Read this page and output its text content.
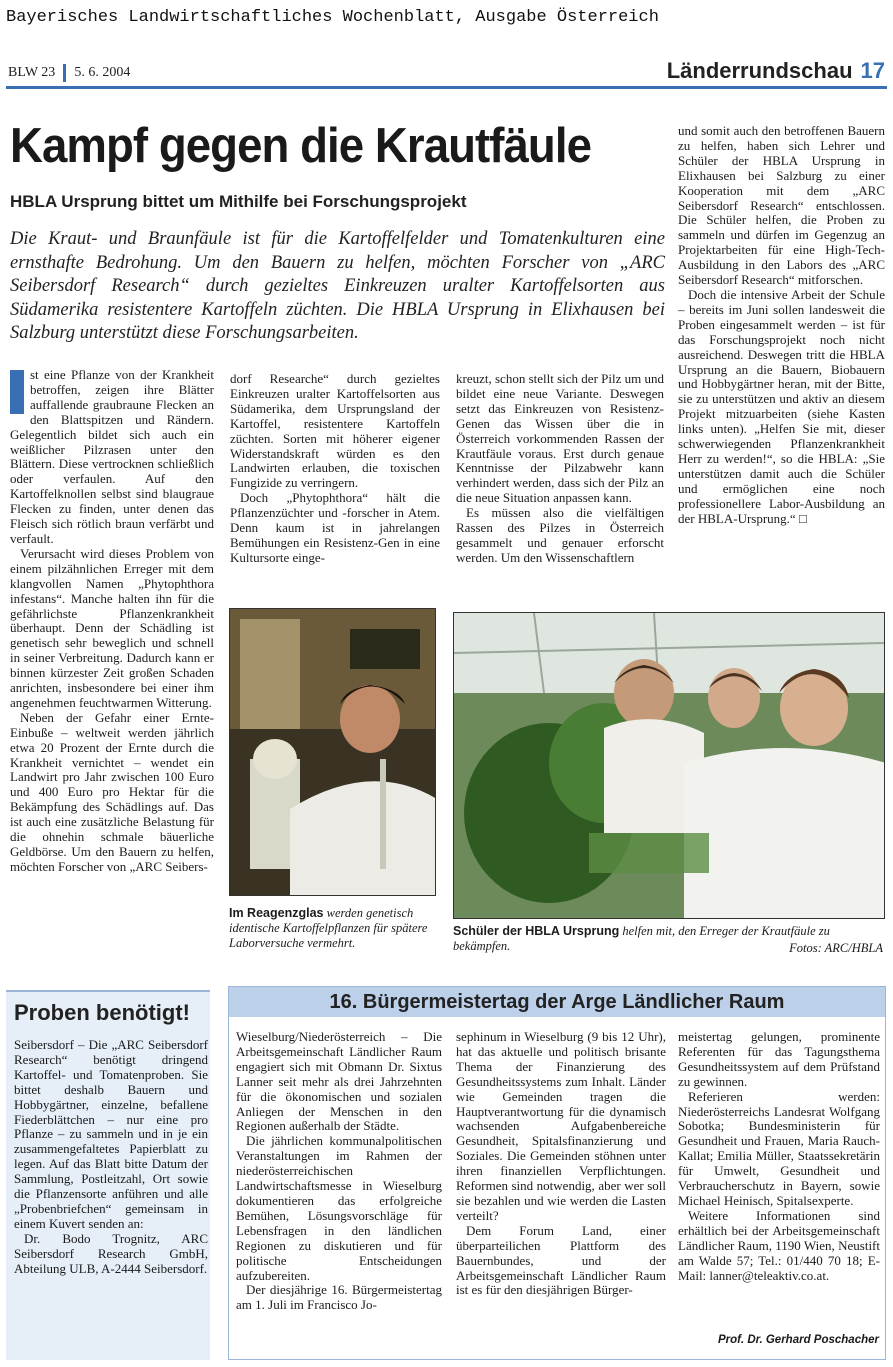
Bayerisches Landwirtschaftliches Wochenblatt, Ausgabe Österreich
BLW 23 5. 6. 2004	Länderrundschau 17
Kampf gegen die Krautfäule
HBLA Ursprung bittet um Mithilfe bei Forschungsprojekt
Die Kraut- und Braunfäule ist für die Kartoffelfelder und Tomatenkulturen eine ernsthafte Bedrohung. Um den Bauern zu helfen, möchten Forscher von „ARC Seibersdorf Research“ durch gezieltes Einkreuzen uralter Kartoffelsorten aus Südamerika resistentere Kartoffeln züchten. Die HBLA Ursprung in Elixhausen bei Salzburg unterstützt diese Forschungsarbeiten.

st eine Pflanze von der Krankheit betroffen, zeigen ihre Blätter auffallende graubraune Flecken an den Blattspitzen und Rändern. Gelegentlich bildet sich auch ein weißlicher Pilzrasen unter den Blättern. Diese vertrocknen schließlich oder verfaulen. Auf den Kartoffelknollen selbst sind blaugraue Flecken zu finden, unter denen das Fleisch sich rötlich braun verfärbt und verfault.

Verursacht wird dieses Problem von einem pilzähnlichen Erreger mit dem klangvollen Namen „Phytophthora infestans“. Manche halten ihn für die gefährlichste Pflanzenkrankheit überhaupt. Denn der Schädling ist genetisch sehr beweglich und schnell in seiner Verbreitung. Dadurch kann er binnen kürzester Zeit großen Schaden anrichten, insbesondere bei einer ihm angenehmen feuchtwarmen Witterung.

Neben der Gefahr einer Ernte-Einbuße – weltweit werden jährlich etwa 20 Prozent der Ernte durch die Krankheit vernichtet – wendet ein Landwirt pro Jahr zwischen 100 Euro und 400 Euro pro Hektar für die Bekämpfung des Schädlings auf. Das ist auch eine zusätzliche Belastung für die ohnehin schmale bäuerliche Geldbörse. Um den Bauern zu helfen, möchten Forscher von „ARC Seibers-

dorf Researche“ durch gezieltes Einkreuzen uralter Kartoffelsorten aus Südamerika, dem Ursprungsland der Kartoffel, resistentere Kartoffeln züchten. Sorten mit höherer eigener Widerstandskraft würden es den Landwirten erlauben, die toxischen Fungizide zu verringern.

Doch „Phytophthora“ hält die Pflanzenzüchter und -forscher in Atem. Denn kaum ist in jahrelangen Bemühungen ein Resistenz-Gen in eine Kultursorte einge-

kreuzt, schon stellt sich der Pilz um und bildet eine neue Variante. Deswegen setzt das Einkreuzen von Resistenz-Genen das Wissen über die in Österreich vorkommenden Rassen der Krautfäule voraus. Erst durch genaue Kenntnisse der Pilzabwehr kann verhindert werden, dass sich der Pilz an die neue Situation anpassen kann.

Es müssen also die vielfältigen Rassen des Pilzes in Österreich gesammelt und genauer erforscht werden. Um den Wissenschaftlern

und somit auch den betroffenen Bauern zu helfen, haben sich Lehrer und Schüler der HBLA Ursprung in Elixhausen bei Salzburg zu einer Kooperation mit dem „ARC Seibersdorf Research“ entschlossen. Die Schüler helfen, die Proben zu sammeln und dürfen im Gegenzug an Projektarbeiten für eine High-Tech-Ausbildung in den Labors des „ARC Seibersdorf Research“ mitforschen.

Doch die intensive Arbeit der Schule – bereits im Juni sollen landesweit die Proben eingesammelt werden – ist für das Forschungsprojekt noch nicht ausreichend. Deswegen tritt die HBLA Ursprung an die Bauern, Biobauern und Hobbygärtner heran, mit der Bitte, sie zu unterstützen und aktiv an diesem Projekt mitzuarbeiten (siehe Kasten links unten). „Helfen Sie mit, dieser schwerwiegenden Pflanzenkrankheit Herr zu werden!“, so die HBLA: „Sie unterstützen damit auch die Schüler und ermöglichen eine noch professionellere Labor-Ausbildung an der HBLA-Ursprung.“ □

Im Reagenzglas werden genetisch identische Kartoffelpflanzen für spätere Laborversuche vermehrt.
Schüler der HBLA Ursprung helfen mit, den Erreger der Krautfäule zu bekämpfen.	Fotos: ARC/HBLA
Proben benötigt!

Seibersdorf – Die „ARC Seibersdorf Research“ benötigt dringend Kartoffel- und Tomatenproben. Sie bittet deshalb Bauern und Hobbygärtner, einzelne, befallene Fiederblättchen – nur eine pro Pflanze – zu sammeln und in je ein zusammengefaltetes Papierblatt zu legen. Auf das Blatt bitte Datum der Sammlung, Postleitzahl, Ort sowie die Pflanzensorte anführen und alle „Probenbriefchen“ gemeinsam in einem Kuvert senden an:

Dr. Bodo Trognitz, ARC Seibersdorf Research GmbH, Abteilung ULB, A-2444 Seibersdorf.

16. Bürgermeistertag der Arge Ländlicher Raum

Wieselburg/Niederösterreich – Die Arbeitsgemeinschaft Ländlicher Raum engagiert sich mit Obmann Dr. Sixtus Lanner seit mehr als drei Jahrzehnten für die ökonomischen und sozialen Anliegen der Menschen in den Regionen außerhalb der Städte.

Die jährlichen kommunalpolitischen Veranstaltungen im Rahmen der niederösterreichischen Landwirtschaftsmesse in Wieselburg dokumentieren das erfolgreiche Bemühen, Lösungsvorschläge für Lebensfragen in den ländlichen Regionen zu diskutieren und für politische Entscheidungen aufzubereiten.

Der diesjährige 16. Bürgermeistertag am 1. Juli im Francisco Jo-

sephinum in Wieselburg (9 bis 12 Uhr), hat das aktuelle und politisch brisante Thema der Finanzierung des Gesundheitssystems zum Inhalt. Länder wie Gemeinden tragen die Hauptverantwortung für die dynamisch wachsenden Aufgabenbereiche Gesundheit, Spitalsfinanzierung und Soziales. Die Gemeinden stöhnen unter ihren finanziellen Verpflichtungen. Reformen sind notwendig, aber wer soll sie bezahlen und wie werden die Lasten verteilt?

Dem Forum Land, einer überparteilichen Plattform des Bauernbundes, und der Arbeitsgemeinschaft Ländlicher Raum ist es für den diesjährigen Bürger-

meistertag gelungen, prominente Referenten für das Tagungsthema Gesundheitssystem auf dem Prüfstand zu gewinnen.

Referieren werden: Niederösterreichs Landesrat Wolfgang Sobotka; Bundesministerin für Gesundheit und Frauen, Maria Rauch-Kallat; Emilia Müller, Staatssekretärin für Umwelt, Gesundheit und Verbraucherschutz in Bayern, sowie Michael Heinisch, Spitalsexperte.

Weitere Informationen sind erhältlich bei der Arbeitsgemeinschaft Ländlicher Raum, 1190 Wien, Neustift am Walde 57; Tel.: 01/440 70 18; E-Mail: lanner@teleaktiv.co.at.

Prof. Dr. Gerhard Poschacher
